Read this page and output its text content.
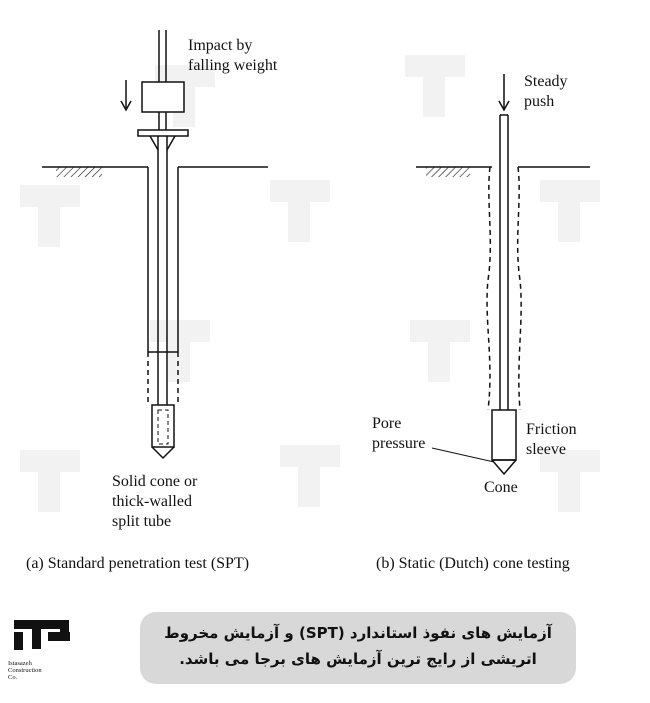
Impact by
falling weight
Solid cone or
thick-walled
split tube
(a) Standard penetration test (SPT)
Steady
push
Pore
pressure
Friction
sleeve
Cone
(b) Static (Dutch) cone testing
Istasazeh
Construction
Co.
آزمایش های نفوذ استاندارد (SPT) و آزمایش مخروط
اتریشی از رایج ترین آزمایش های برجا می باشد.
